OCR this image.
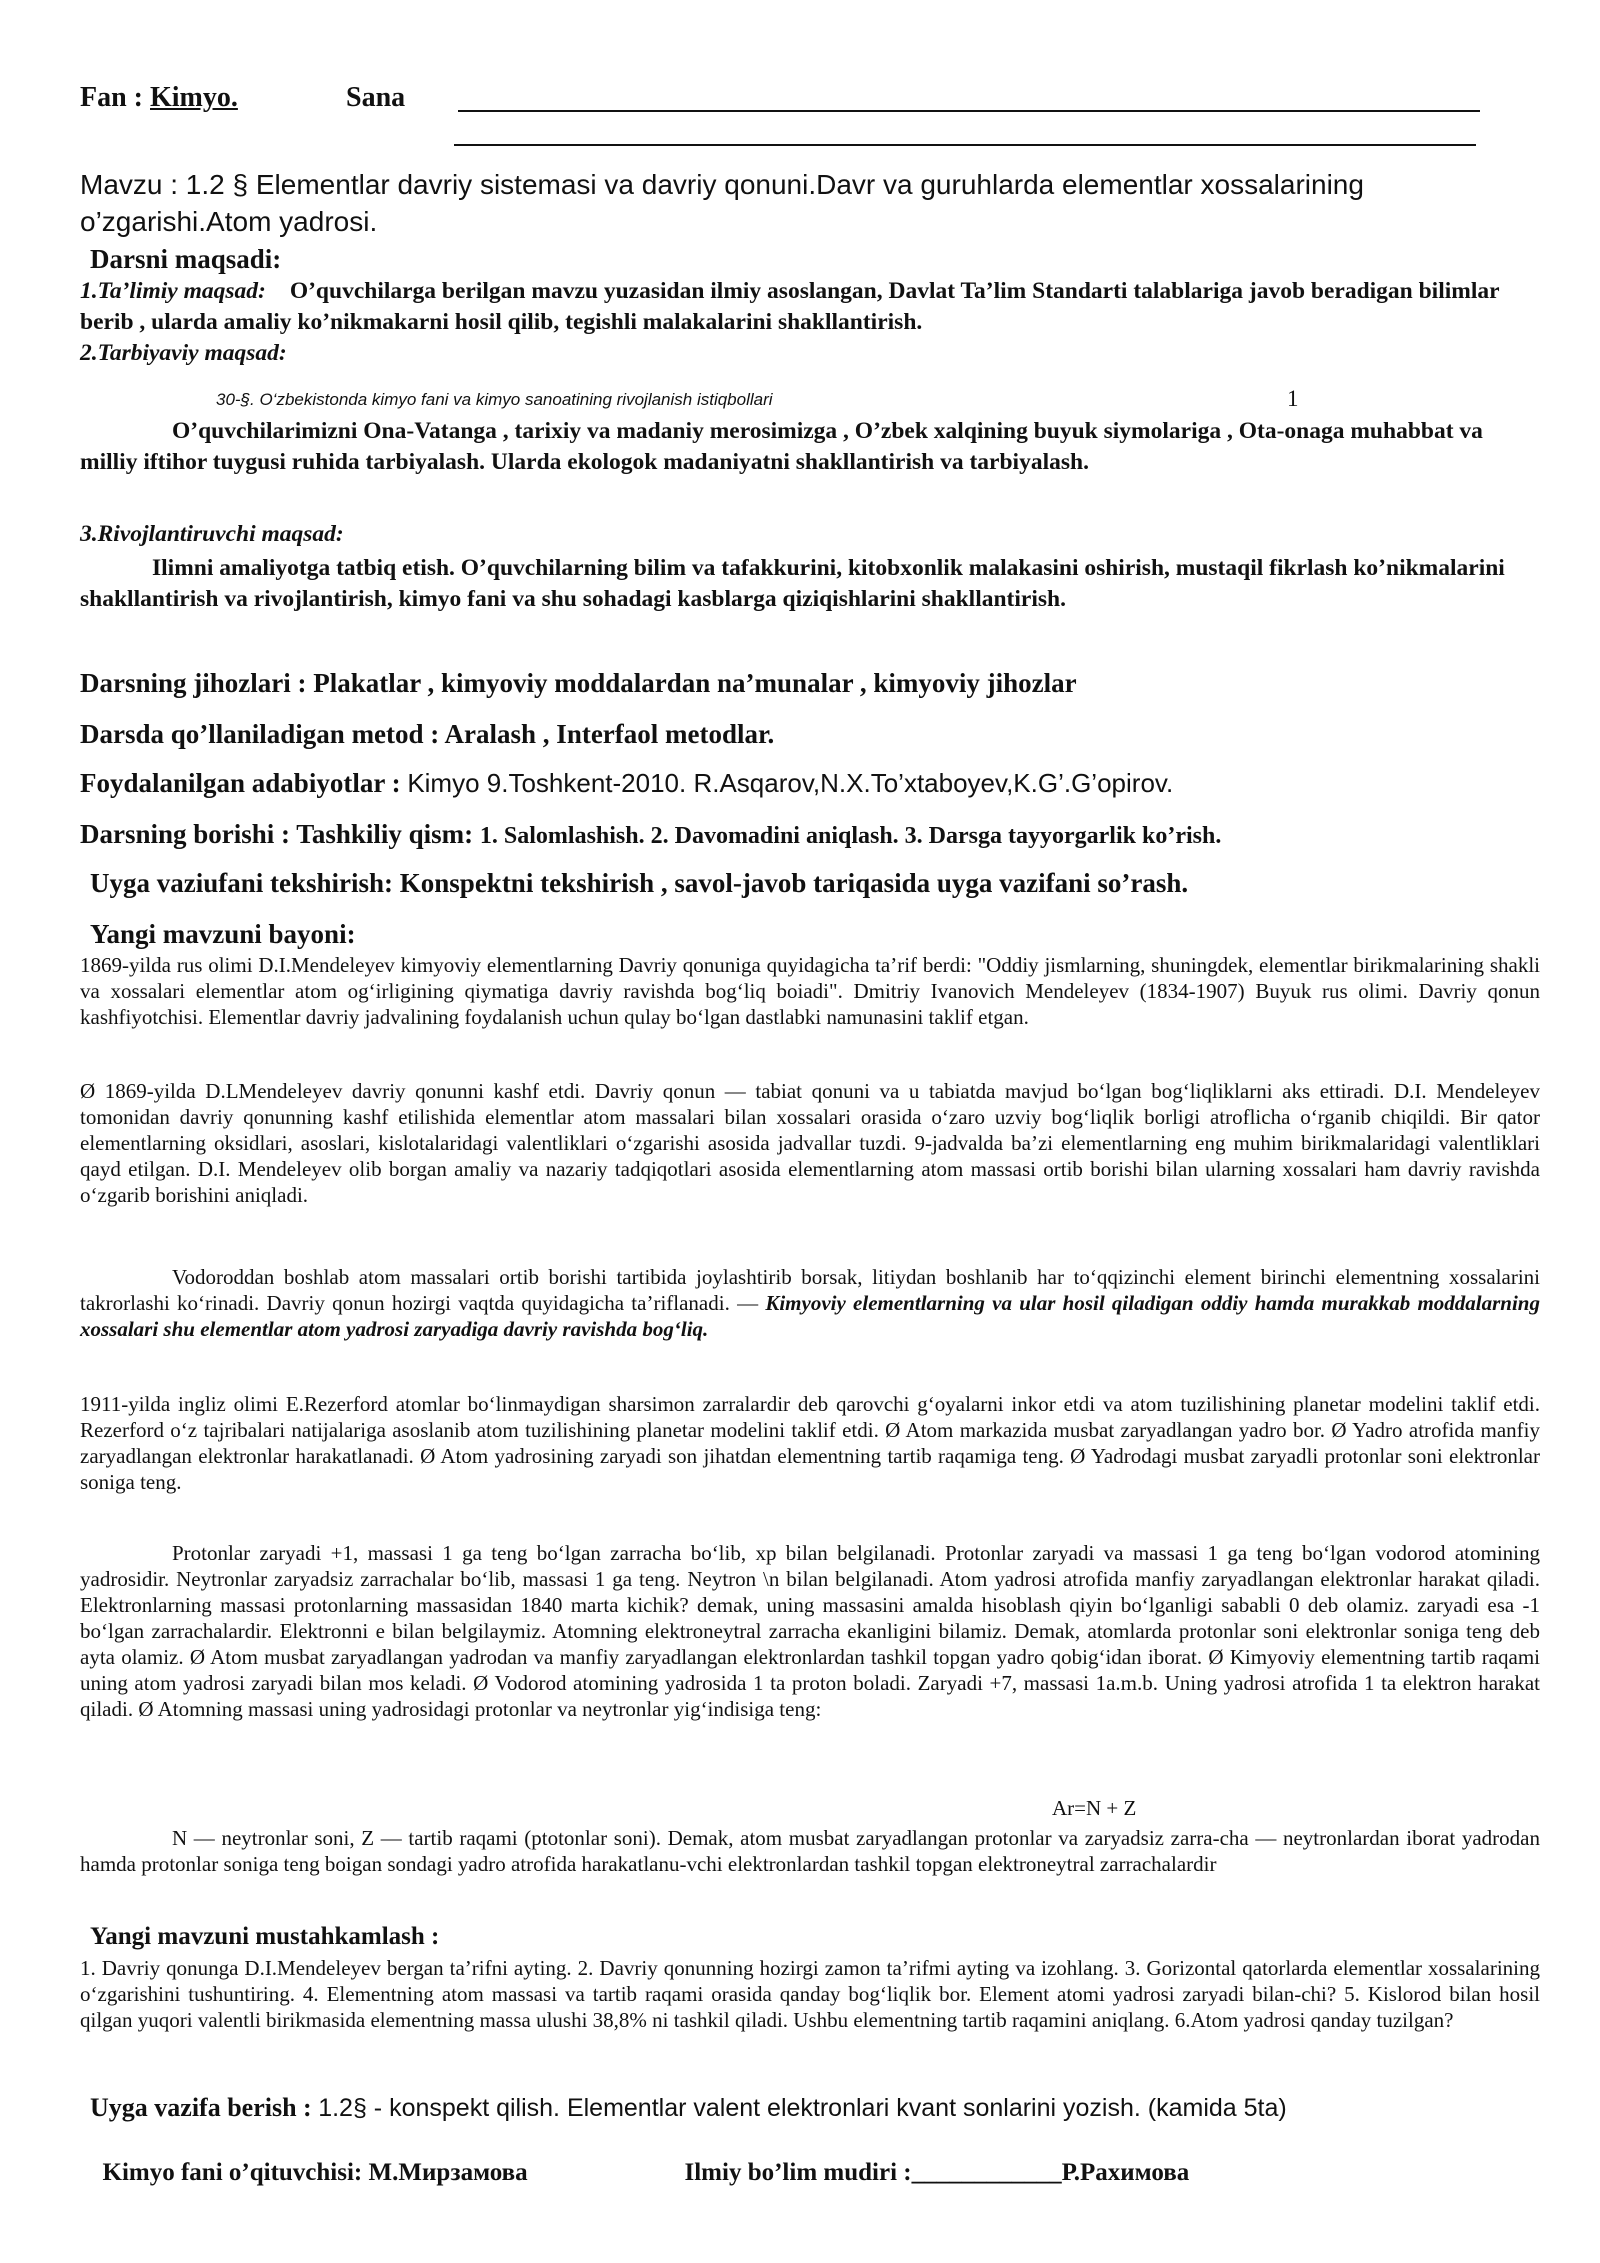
Fan : Kimyo.	Sana
Mavzu : 1.2 § Elementlar davriy sistemasi va davriy qonuni.Davr va guruhlarda elementlar xossalarining o’zgarishi.Atom yadrosi.
Darsni maqsadi:
1.Ta’limiy maqsad: O’quvchilarga berilgan mavzu yuzasidan ilmiy asoslangan, Davlat Ta’lim Standarti talablariga javob beradigan bilimlar berib , ularda amaliy ko’nikmakarni hosil qilib, tegishli malakalarini shakllantirish.
2.Tarbiyaviy maqsad:
30-§. O‘zbekistonda kimyo fani va kimyo sanoatining rivojlanish istiqbollari	1
O’quvchilarimizni Ona-Vatanga , tarixiy va madaniy merosimizga , O’zbek xalqining buyuk siymolariga , Ota-onaga muhabbat va milliy iftihor tuygusi ruhida tarbiyalash. Ularda ekologok madaniyatni shakllantirish va tarbiyalash.
3.Rivojlantiruvchi maqsad:
Ilimni amaliyotga tatbiq etish. O’quvchilarning bilim va tafakkurini, kitobxonlik malakasini oshirish, mustaqil fikrlash ko’nikmalarini shakllantirish va rivojlantirish, kimyo fani va shu sohadagi kasblarga qiziqishlarini shakllantirish.
Darsning jihozlari : Plakatlar , kimyoviy moddalardan na’munalar , kimyoviy jihozlar
Darsda qo’llaniladigan metod : Aralash , Interfaol metodlar.
Foydalanilgan adabiyotlar : Kimyo 9.Toshkent-2010. R.Asqarov,N.X.To’xtaboyev,K.G’.G’opirov.
Darsning borishi : Tashkiliy qism: 1. Salomlashish. 2. Davomadini aniqlash. 3. Darsga tayyorgarlik ko’rish.
Uyga vaziufani tekshirish: Konspektni tekshirish , savol-javob tariqasida uyga vazifani so’rash.
Yangi mavzuni bayoni:

1869-yilda rus olimi D.I.Mendeleyev kimyoviy elementlarning Davriy qonuniga quyidagicha ta’rif berdi: "Oddiy jismlarning, shuningdek, elementlar birikmalarining shakli va xossalari elementlar atom og‘irligining qiymatiga davriy ravishda bog‘liq boiadi". Dmitriy Ivanovich Mendeleyev (1834-1907) Buyuk rus olimi. Davriy qonun kashfiyotchisi. Elementlar davriy jadvalining foydalanish uchun qulay bo‘lgan dastlabki namunasini taklif etgan.

Ø 1869-yilda D.LMendeleyev davriy qonunni kashf etdi. Davriy qonun — tabiat qonuni va u tabiatda mavjud bo‘lgan bog‘liqliklarni aks ettiradi. D.I. Mendeleyev tomonidan davriy qonunning kashf etilishida elementlar atom massalari bilan xossalari orasida o‘zaro uzviy bog‘liqlik borligi atroflicha o‘rganib chiqildi. Bir qator elementlarning oksidlari, asoslari, kislotalaridagi valentliklari o‘zgarishi asosida jadvallar tuzdi. 9-jadvalda ba’zi elementlarning eng muhim birikmalaridagi valentliklari qayd etilgan. D.I. Mendeleyev olib borgan amaliy va nazariy tadqiqotlari asosida elementlarning atom massasi ortib borishi bilan ularning xossalari ham davriy ravishda o‘zgarib borishini aniqladi.

Vodoroddan boshlab atom massalari ortib borishi tartibida joylashtirib borsak, litiydan boshlanib har to‘qqizinchi element birinchi elementning xossalarini takrorlashi ko‘rinadi. Davriy qonun hozirgi vaqtda quyidagicha ta’riflanadi. — Kimyoviy elementlarning va ular hosil qiladigan oddiy hamda murakkab moddalarning xossalari shu elementlar atom yadrosi zaryadiga davriy ravishda bog‘liq.

1911-yilda ingliz olimi E.Rezerford atomlar bo‘linmaydigan sharsimon zarralardir deb qarovchi g‘oyalarni inkor etdi va atom tuzilishining planetar modelini taklif etdi. Rezerford o‘z tajribalari natijalariga asoslanib atom tuzilishining planetar modelini taklif etdi. Ø Atom markazida musbat zaryadlangan yadro bor. Ø Yadro atrofida manfiy zaryadlangan elektronlar harakatlanadi. Ø Atom yadrosining zaryadi son jihatdan elementning tartib raqamiga teng. Ø Yadrodagi musbat zaryadli protonlar soni elektronlar soniga teng.

Protonlar zaryadi +1, massasi 1 ga teng bo‘lgan zarracha bo‘lib, xp bilan belgilanadi. Protonlar zaryadi va massasi 1 ga teng bo‘lgan vodorod atomining yadrosidir. Neytronlar zaryadsiz zarrachalar bo‘lib, massasi 1 ga teng. Neytron \n bilan belgilanadi. Atom yadrosi atrofida manfiy zaryadlangan elektronlar harakat qiladi. Elektronlarning massasi protonlarning massasidan 1840 marta kichik? demak, uning massasini amalda hisoblash qiyin bo‘lganligi sababli 0 deb olamiz. zaryadi esa -1 bo‘lgan zarrachalardir. Elektronni e bilan belgilaymiz. Atomning elektroneytral zarracha ekanligini bilamiz. Demak, atomlarda protonlar soni elektronlar soniga teng deb ayta olamiz. Ø Atom musbat zaryadlangan yadrodan va manfiy zaryadlangan elektronlardan tashkil topgan yadro qobig‘idan iborat. Ø Kimyoviy elementning tartib raqami uning atom yadrosi zaryadi bilan mos keladi. Ø Vodorod atomining yadrosida 1 ta proton boladi. Zaryadi +7, massasi 1a.m.b. Uning yadrosi atrofida 1 ta elektron harakat qiladi. Ø Atomning massasi uning yadrosidagi protonlar va neytronlar yig‘indisiga teng:

Ar=N + Z

N — neytronlar soni, Z — tartib raqami (ptotonlar soni). Demak, atom musbat zaryadlangan protonlar va zaryadsiz zarra-cha — neytronlardan iborat yadrodan hamda protonlar soniga teng boigan sondagi yadro atrofida harakatlanu-vchi elektronlardan tashkil topgan elektroneytral zarrachalardir

Yangi mavzuni mustahkamlash :

1. Davriy qonunga D.I.Mendeleyev bergan ta’rifni ayting. 2. Davriy qonunning hozirgi zamon ta’rifmi ayting va izohlang. 3. Gorizontal qatorlarda elementlar xossalarining o‘zgarishini tushuntiring. 4. Elementning atom massasi va tartib raqami orasida qanday bog‘liqlik bor. Element atomi yadrosi zaryadi bilan-chi? 5. Kislorod bilan hosil qilgan yuqori valentli birikmasida elementning massa ulushi 38,8% ni tashkil qiladi. Ushbu elementning tartib raqamini aniqlang. 6.Atom yadrosi qanday tuzilgan?

Uyga vazifa berish : 1.2§ - konspekt qilish. Elementlar valent elektronlari kvant sonlarini yozish. (kamida 5ta)

Kimyo fani o’qituvchisi: М.Мирзамова	Ilmiy bo’lim mudiri :____________Р.Рахимова
